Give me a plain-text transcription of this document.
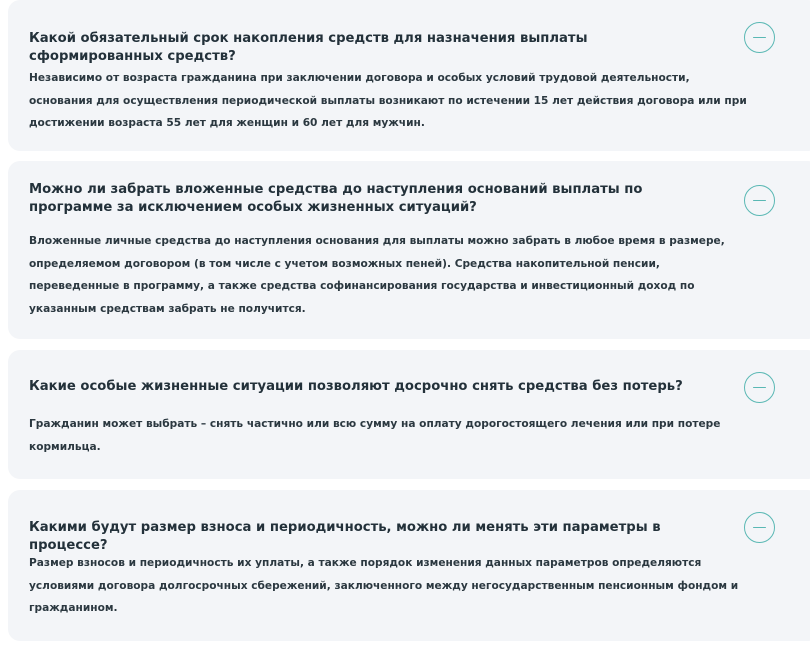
Какой обязательный срок накопления средств для назначения выплаты сформированных средств?
Независимо от возраста гражданина при заключении договора и особых условий трудовой деятельности, основания для осуществления периодической выплаты возникают по истечении 15 лет действия договора или при достижении возраста 55 лет для женщин и 60 лет для мужчин.
Можно ли забрать вложенные средства до наступления оснований выплаты по программе за исключением особых жизненных ситуаций?
Вложенные личные средства до наступления основания для выплаты можно забрать в любое время в размере, определяемом договором (в том числе с учетом возможных пеней). Средства накопительной пенсии, переведенные в программу, а также средства софинансирования государства и инвестиционный доход по указанным средствам забрать не получится.
Какие особые жизненные ситуации позволяют досрочно снять средства без потерь?
Гражданин может выбрать – снять частично или всю сумму на оплату дорогостоящего лечения или при потере кормильца.
Какими будут размер взноса и периодичность, можно ли менять эти параметры в процессе?
Размер взносов и периодичность их уплаты, а также порядок изменения данных параметров определяются условиями договора долгосрочных сбережений, заключенного между негосударственным пенсионным фондом и гражданином.
